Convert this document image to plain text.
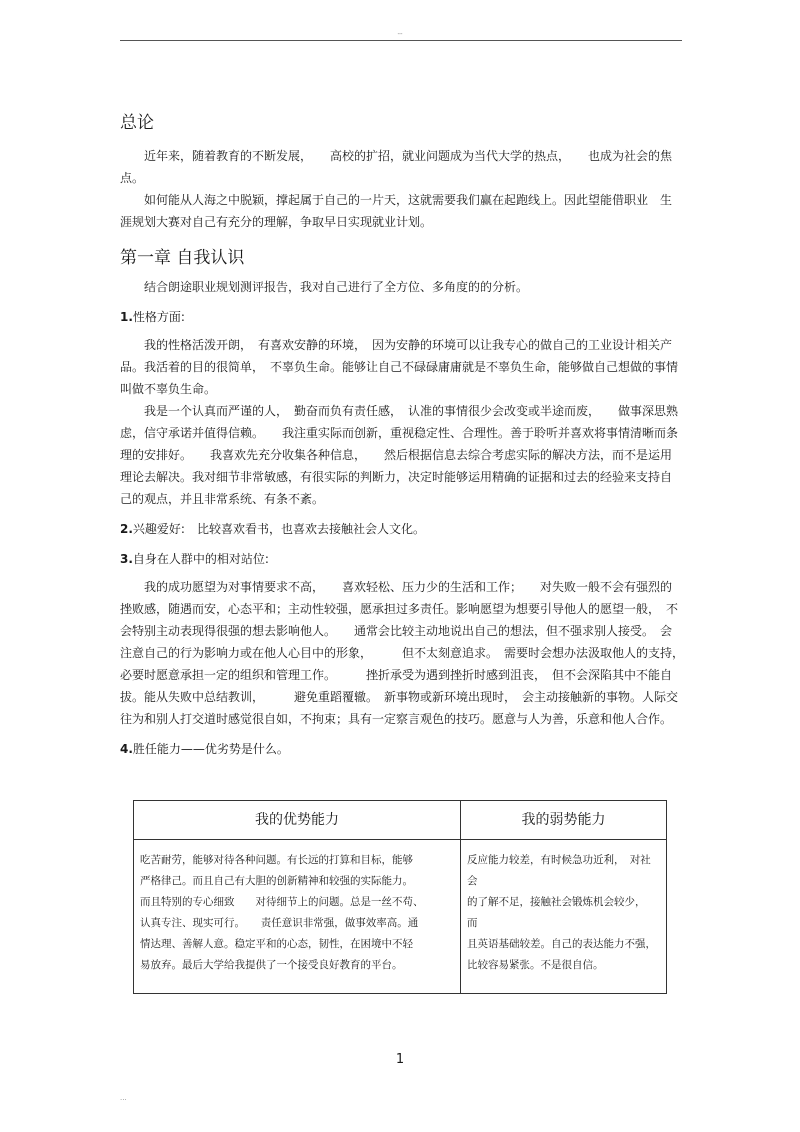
--
总论

近年来，随着教育的不断发展，　　高校的扩招，就业问题成为当代大学的热点，　　也成为社会的焦点。

如何能从人海之中脱颖，撑起属于自己的一片天，这就需要我们赢在起跑线上。因此望能借职业　生涯规划大赛对自己有充分的理解，争取早日实现就业计划。

第一章 自我认识

结合朗途职业规划测评报告，我对自己进行了全方位、多角度的的分析。

1.性格方面:

我的性格活泼开朗，　有喜欢安静的环境，　因为安静的环境可以让我专心的做自己的工业设计相关产品。我活着的目的很简单，　不辜负生命。能够让自己不碌碌庸庸就是不辜负生命，能够做自己想做的事情叫做不辜负生命。

我是一个认真而严谨的人，　勤奋而负有责任感，　认准的事情很少会改变或半途而废，　　做事深思熟虑，信守承诺并值得信赖。　　我注重实际而创新，重视稳定性、合理性。善于聆听并喜欢将事情清晰而条理的安排好。　　我喜欢先充分收集各种信息，　　然后根据信息去综合考虑实际的解决方法，而不是运用理论去解决。我对细节非常敏感，有很实际的判断力，决定时能够运用精确的证据和过去的经验来支持自己的观点，并且非常系统、有条不紊。

2.兴趣爱好:　 比较喜欢看书，也喜欢去接触社会人文化。
3.自身在人群中的相对站位:

我的成功愿望为对事情要求不高，　　喜欢轻松、压力少的生活和工作；　　对失败一般不会有强烈的挫败感，随遇而安，心态平和；主动性较强，愿承担过多责任。影响愿望为想要引导他人的愿望一般，　不会特别主动表现得很强的想去影响他人。　　通常会比较主动地说出自己的想法，但不强求别人接受。　会注意自己的行为影响力或在他人心目中的形象，　　　但不太刻意追求。　需要时会想办法汲取他人的支持，　　必要时愿意承担一定的组织和管理工作。　　　挫折承受为遇到挫折时感到沮丧，　但不会深陷其中不能自拔。能从失败中总结教训，　　　避免重蹈覆辙。　新事物或新环境出现时，　会主动接触新的事物。人际交往为和别人打交道时感觉很自如，不拘束；具有一定察言观色的技巧。愿意与人为善，乐意和他人合作。

4.胜任能力——优劣势是什么。
我的优势能力
吃苦耐劳，能够对待各种问题。有长远的打算和目标，能够
严格律己。而且自己有大胆的创新精神和较强的实际能力。
而且特别的专心细致　　对待细节上的问题。总是一丝不苟、
认真专注、现实可行。　　责任意识非常强，做事效率高。通
情达理、善解人意。稳定平和的心态，韧性，在困境中不轻
易放弃。最后大学给我提供了一个接受良好教育的平台。
我的弱势能力
反应能力较差，有时候急功近利，　对社会
的了解不足，接触社会锻炼机会较少，　而
且英语基础较差。自己的表达能力不强，
比较容易紧张。不是很自信。
1
...
